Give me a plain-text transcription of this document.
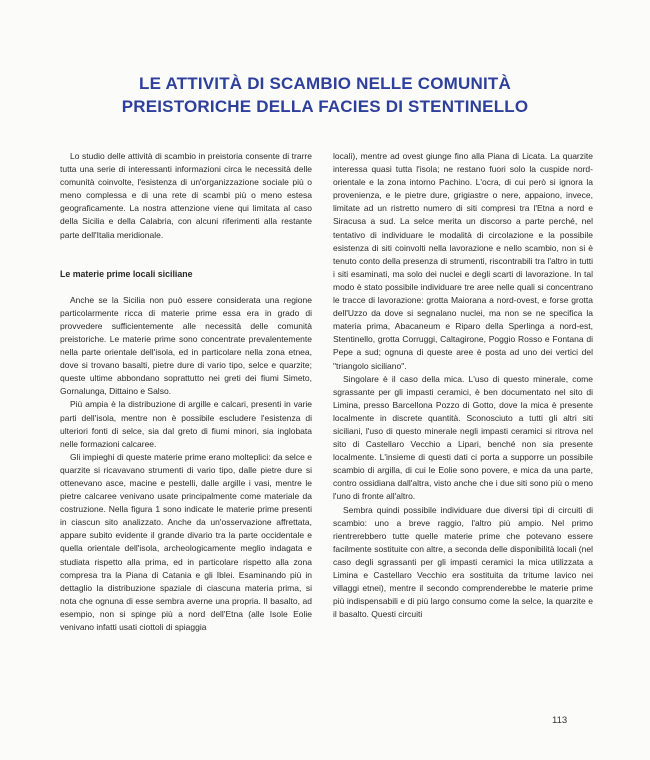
LE ATTIVITÀ DI SCAMBIO NELLE COMUNITÀ
PREISTORICHE DELLA FACIES DI STENTINELLO

Lo studio delle attività di scambio in preistoria consente di trarre tutta una serie di interessanti informazioni circa le necessità delle comunità coinvolte, l'esistenza di un'organizzazione sociale più o meno complessa e di una rete di scambi più o meno estesa geograficamente. La nostra attenzione viene qui limitata al caso della Sicilia e della Calabria, con alcuni riferimenti alla restante parte dell'Italia meridionale.

Le materie prime locali siciliane

Anche se la Sicilia non può essere considerata una regione particolarmente ricca di materie prime essa era in grado di provvedere sufficientemente alle necessità delle comunità preistoriche. Le materie prime sono concentrate prevalentemente nella parte orientale dell'isola, ed in particolare nella zona etnea, dove si trovano basalti, pietre dure di vario tipo, selce e quarzite; queste ultime abbondano soprattutto nei greti dei fiumi Simeto, Gornalunga, Dittaino e Salso.

Più ampia è la distribuzione di argille e calcari, presenti in varie parti dell'isola, mentre non è possibile escludere l'esistenza di ulteriori fonti di selce, sia dal greto di fiumi minori, sia inglobata nelle formazioni calcaree.

Gli impieghi di queste materie prime erano molteplici: da selce e quarzite si ricavavano strumenti di vario tipo, dalle pietre dure si ottenevano asce, macine e pestelli, dalle argille i vasi, mentre le pietre calcaree venivano usate principalmente come materiale da costruzione. Nella figura 1 sono indicate le materie prime presenti in ciascun sito analizzato. Anche da un'osservazione affrettata, appare subito evidente il grande divario tra la parte occidentale e quella orientale dell'isola, archeologicamente meglio indagata e studiata rispetto alla prima, ed in particolare rispetto alla zona compresa tra la Piana di Catania e gli Iblei. Esaminando più in dettaglio la distribuzione spaziale di ciascuna materia prima, si nota che ognuna di esse sembra averne una propria. Il basalto, ad esempio, non si spinge più a nord dell'Etna (alle Isole Eolie venivano infatti usati ciottoli di spiaggia

locali), mentre ad ovest giunge fino alla Piana di Licata. La quarzite interessa quasi tutta l'isola; ne restano fuori solo la cuspide nord-orientale e la zona intorno Pachino. L'ocra, di cui però si ignora la provenienza, e le pietre dure, grigiastre o nere, appaiono, invece, limitate ad un ristretto numero di siti compresi tra l'Etna a nord e Siracusa a sud. La selce merita un discorso a parte perché, nel tentativo di individuare le modalità di circolazione e la possibile esistenza di siti coinvolti nella lavorazione e nello scambio, non si è tenuto conto della presenza di strumenti, riscontrabili tra l'altro in tutti i siti esaminati, ma solo dei nuclei e degli scarti di lavorazione. In tal modo è stato possibile individuare tre aree nelle quali si concentrano le tracce di lavorazione: grotta Maiorana a nord-ovest, e forse grotta dell'Uzzo da dove si segnalano nuclei, ma non se ne specifica la materia prima, Abacaneum e Riparo della Sperlinga a nord-est, Stentinello, grotta Corruggi, Caltagirone, Poggio Rosso e Fontana di Pepe a sud; ognuna di queste aree è posta ad uno dei vertici del "triangolo siciliano".

Singolare è il caso della mica. L'uso di questo minerale, come sgrassante per gli impasti ceramici, è ben documentato nel sito di Limina, presso Barcellona Pozzo di Gotto, dove la mica è presente localmente in discrete quantità. Sconosciuto a tutti gli altri siti siciliani, l'uso di questo minerale negli impasti ceramici si ritrova nel sito di Castellaro Vecchio a Lipari, benché non sia presente localmente. L'insieme di questi dati ci porta a supporre un possibile scambio di argilla, di cui le Eolie sono povere, e mica da una parte, contro ossidiana dall'altra, visto anche che i due siti sono più o meno l'uno di fronte all'altro.

Sembra quindi possibile individuare due diversi tipi di circuiti di scambio: uno a breve raggio, l'altro più ampio. Nel primo rientrerebbero tutte quelle materie prime che potevano essere facilmente sostituite con altre, a seconda delle disponibilità locali (nel caso degli sgrassanti per gli impasti ceramici la mica utilizzata a Limina e Castellaro Vecchio era sostituita da tritume lavico nei villaggi etnei), mentre il secondo comprenderebbe le materie prime più indispensabili e di più largo consumo come la selce, la quarzite e il basalto. Questi circuiti

113
